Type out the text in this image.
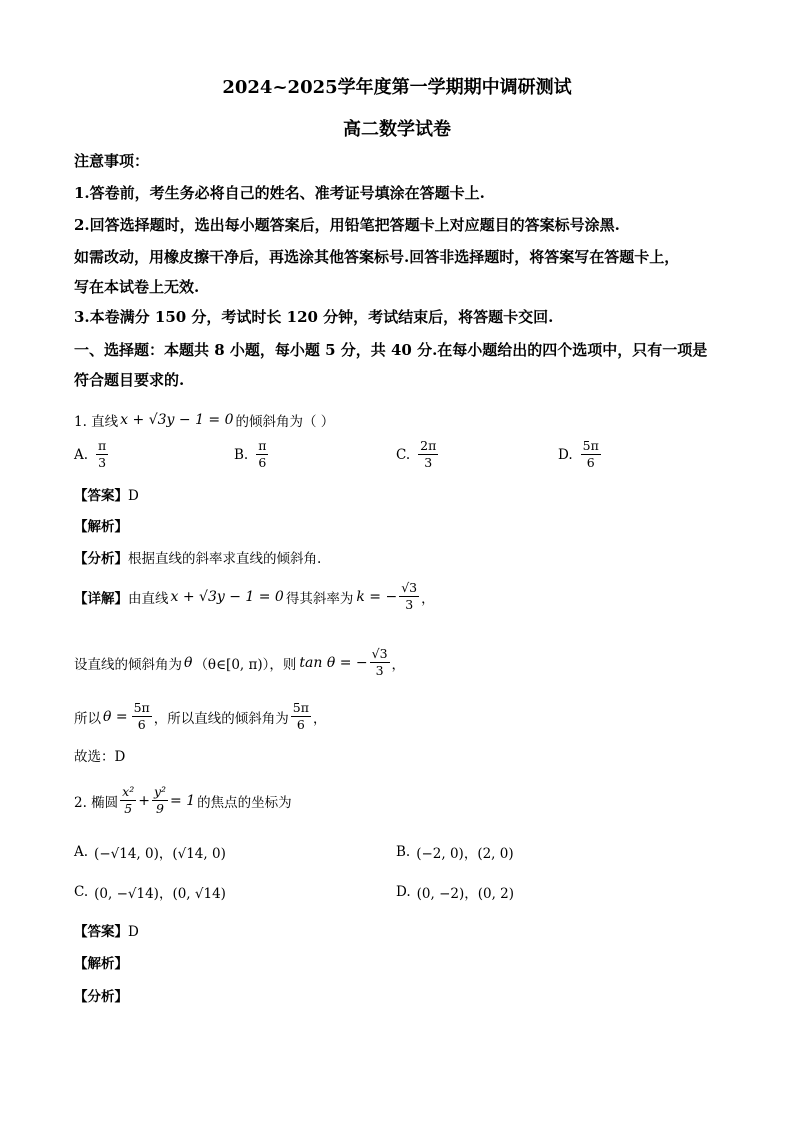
2024~2025学年度第一学期期中调研测试
高二数学试卷
注意事项：
1.答卷前，考生务必将自己的姓名、准考证号填涂在答题卡上.
2.回答选择题时，选出每小题答案后，用铅笔把答题卡上对应题目的答案标号涂黑.
如需改动，用橡皮擦干净后，再选涂其他答案标号.回答非选择题时，将答案写在答题卡上，
写在本试卷上无效.
3.本卷满分 150 分，考试时长 120 分钟，考试结束后，将答题卡交回.
一、选择题：本题共 8 小题，每小题 5 分，共 40 分.在每小题给出的四个选项中，只有一项是
符合题目要求的.
1. 直线 x + √3y − 1 = 0 的倾斜角为（ ）
A. $\frac{\pi}{3}$	B. $\frac{\pi}{6}$	C. $\frac{2\pi}{3}$	D. $\frac{5\pi}{6}$
【答案】D
【解析】
【分析】根据直线的斜率求直线的倾斜角.
【详解】 由直线 x + √3y − 1 = 0 得其斜率为 k = − $\frac{√3}{3}$ ，
设直线的倾斜角为 θ （θ∈[0, π)），则 tan θ = − $\frac{√3}{3}$ ，
所以 $\theta = \frac{5\pi}{6}$ ，所以直线的倾斜角为 $\frac{5\pi}{6}$ ，
故选：D
2. 椭圆 $\frac{\text{x²}}{5} + \frac{\text{y²}}{9} = 1$ 的焦点的坐标为
A. (−√14, 0)，(√14, 0)	B. (−2, 0)，(2, 0)
C. (0, −√14)，(0, √14)	D. (0, −2)，(0, 2)
【答案】D
【解析】
【分析】
